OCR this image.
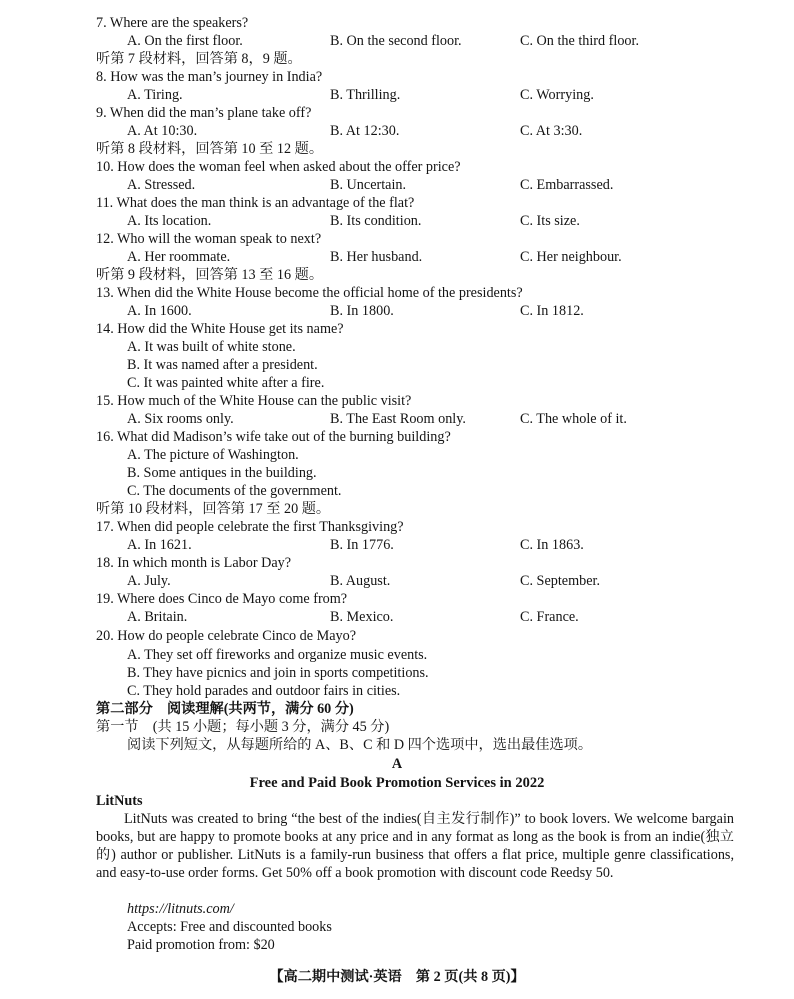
7. Where are the speakers?
A. On the first floor.	B. On the second floor.	C. On the third floor.
听第 7 段材料，回答第 8，9 题。
8. How was the man’s journey in India?
A. Tiring.	B. Thrilling.	C. Worrying.
9. When did the man’s plane take off?
A. At 10:30.	B. At 12:30.	C. At 3:30.
听第 8 段材料，回答第 10 至 12 题。
10. How does the woman feel when asked about the offer price?
A. Stressed.	B. Uncertain.	C. Embarrassed.
11. What does the man think is an advantage of the flat?
A. Its location.	B. Its condition.	C. Its size.
12. Who will the woman speak to next?
A. Her roommate.	B. Her husband.	C. Her neighbour.
听第 9 段材料，回答第 13 至 16 题。
13. When did the White House become the official home of the presidents?
A. In 1600.	B. In 1800.	C. In 1812.
14. How did the White House get its name?
A. It was built of white stone.
B. It was named after a president.
C. It was painted white after a fire.
15. How much of the White House can the public visit?
A. Six rooms only.	B. The East Room only.	C. The whole of it.
16. What did Madison’s wife take out of the burning building?
A. The picture of Washington.
B. Some antiques in the building.
C. The documents of the government.
听第 10 段材料，回答第 17 至 20 题。
17. When did people celebrate the first Thanksgiving?
A. In 1621.	B. In 1776.	C. In 1863.
18. In which month is Labor Day?
A. July.	B. August.	C. September.
19. Where does Cinco de Mayo come from?
A. Britain.	B. Mexico.	C. France.
20. How do people celebrate Cinco de Mayo?
A. They set off fireworks and organize music events.
B. They have picnics and join in sports competitions.
C. They hold parades and outdoor fairs in cities.
第二部分　阅读理解(共两节，满分 60 分)
第一节　(共 15 小题；每小题 3 分，满分 45 分)
阅读下列短文，从每题所给的 A、B、C 和 D 四个选项中，选出最佳选项。
A
Free and Paid Book Promotion Services in 2022
LitNuts
LitNuts was created to bring “the best of the indies(自主发行制作)” to book lovers. We welcome bargain books, but are happy to promote books at any price and in any format as long as the book is from an indie(独立的) author or publisher. LitNuts is a family-run business that offers a flat price, multiple genre classifications, and easy-to-use order forms. Get 50% off a book promotion with discount code Reedsy 50.
https://litnuts.com/
Accepts: Free and discounted books
Paid promotion from: $20
【高二期中测试·英语　第 2 页(共 8 页)】
